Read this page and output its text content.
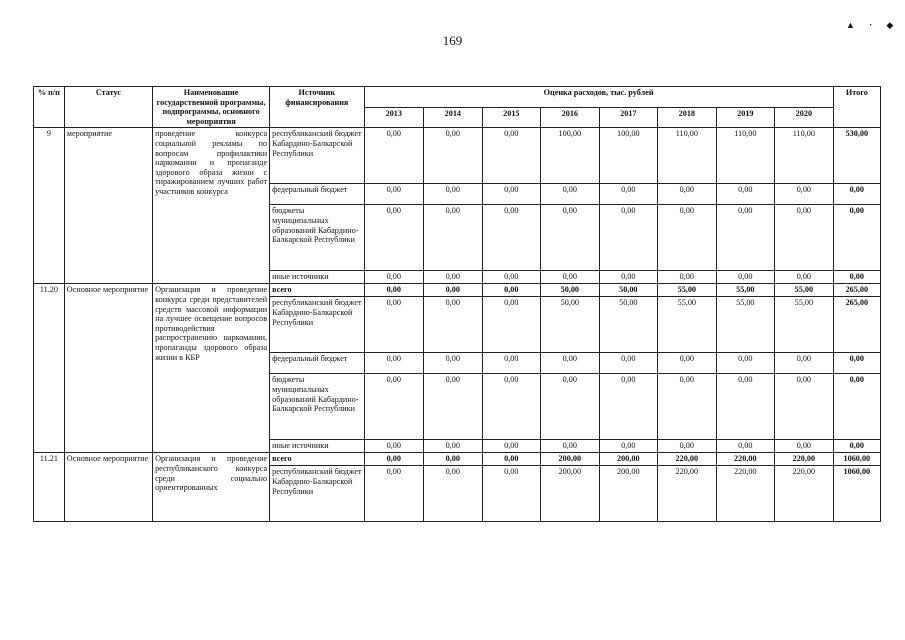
169
▲ · ◆
% п/п	Статус	Наименование государственной программы, подпрограммы, основного мероприятия	Источник финансирования	Оценка расходов, тыс. рублей								Итого
				2013	2014	2015	2016	2017	2018	2019	2020	
9	мероприятие	проведение конкурса социальной рекламы по вопросам профилактики наркомании и пропаганде здорового образа жизни с тиражированием лучших работ участников конкурса	республиканский бюджет Кабардино-Балкарской Республики	0,00	0,00	0,00	100,00	100,00	110,00	110,00	110,00	530,00
			федеральный бюджет	0,00	0,00	0,00	0,00	0,00	0,00	0,00	0,00	0,00
			бюджеты муниципальных образований Кабардино-Балкарской Республики	0,00	0,00	0,00	0,00	0,00	0,00	0,00	0,00	0,00
			иные источники	0,00	0,00	0,00	0,00	0,00	0,00	0,00	0,00	0,00
11.20	Основное мероприятие	Организация и проведение конкурса среди представителей средств массовой информации на лучшее освещение вопросов противодействия распространению наркомании, пропаганды здорового образа жизни в КБР	всего	0,00	0,00	0,00	50,00	50,00	55,00	55,00	55,00	265,00
			республиканский бюджет Кабардино-Балкарской Республики	0,00	0,00	0,00	50,00	50,00	55,00	55,00	55,00	265,00
			федеральный бюджет	0,00	0,00	0,00	0,00	0,00	0,00	0,00	0,00	0,00
			бюджеты муниципальных образований Кабардино-Балкарской Республики	0,00	0,00	0,00	0,00	0,00	0,00	0,00	0,00	0,00
			иные источники	0,00	0,00	0,00	0,00	0,00	0,00	0,00	0,00	0,00
11.21	Основное мероприятие	Организация и проведение республиканского конкурса среди социально ориентированных	всего	0,00	0,00	0,00	200,00	200,00	220,00	220,00	220,00	1060,00
			республиканский бюджет Кабардино-Балкарской Республики	0,00	0,00	0,00	200,00	200,00	220,00	220,00	220,00	1060,00
